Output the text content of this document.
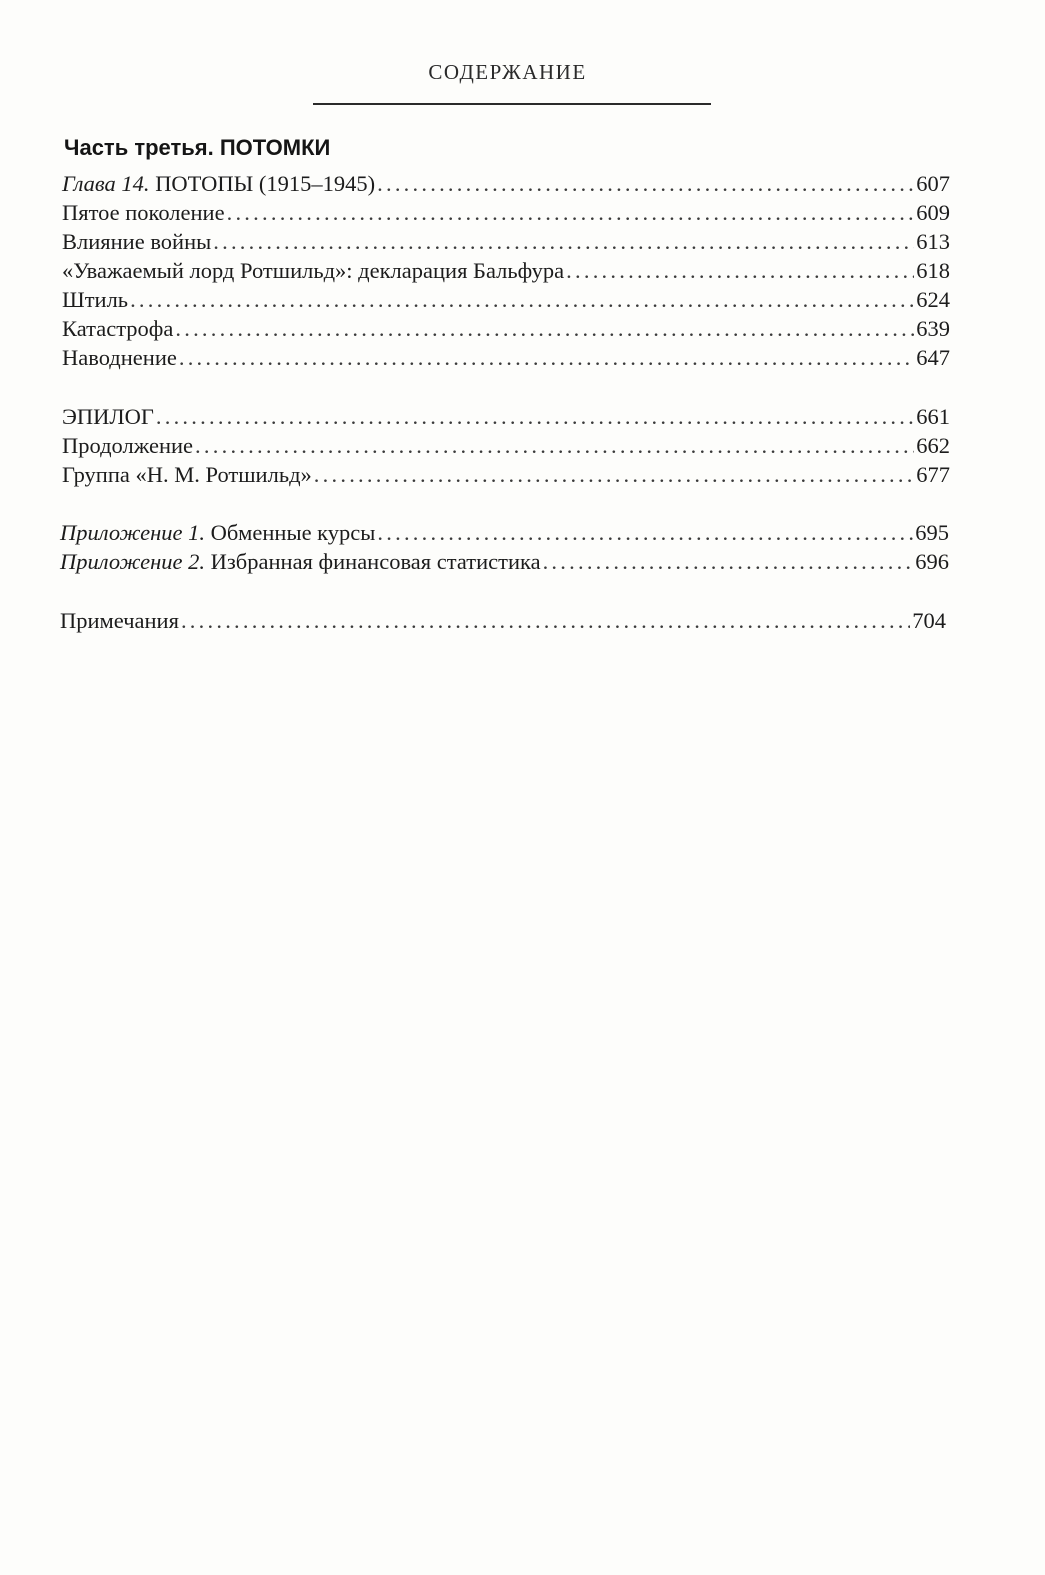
СОДЕРЖАНИЕ
Часть третья. ПОТОМКИ
Глава 14. ПОТОПЫ (1915–1945) . . .	607
Пятое поколение . . .	609
Влияние войны . . .	613
«Уважаемый лорд Ротшильд»: декларация Бальфура . . .	618
Штиль . . .	624
Катастрофа . . .	639
Наводнение . . .	647
ЭПИЛОГ . . .	661
Продолжение . . .	662
Группа «Н. М. Ротшильд» . . .	677
Приложение 1. Обменные курсы . . .	695
Приложение 2. Избранная финансовая статистика . . .	696
Примечания . . .	704
